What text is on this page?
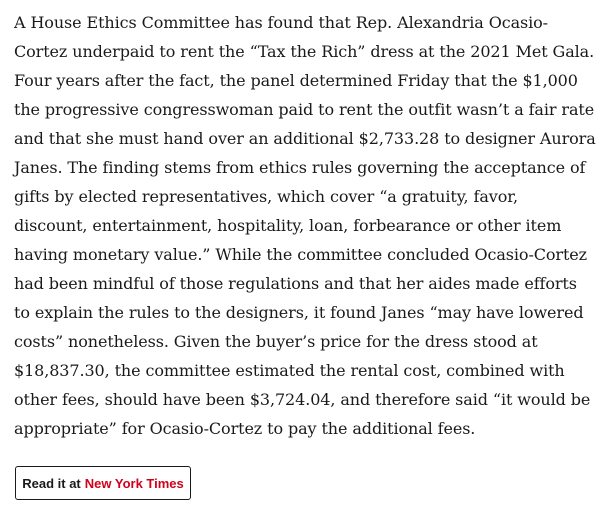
A House Ethics Committee has found that Rep. Alexandria Ocasio-Cortez underpaid to rent the “Tax the Rich” dress at the 2021 Met Gala. Four years after the fact, the panel determined Friday that the $1,000 the progressive congresswoman paid to rent the outfit wasn’t a fair rate and that she must hand over an additional $2,733.28 to designer Aurora Janes. The finding stems from ethics rules governing the acceptance of gifts by elected representatives, which cover “a gratuity, favor, discount, entertainment, hospitality, loan, forbearance or other item having monetary value.” While the committee concluded Ocasio-Cortez had been mindful of those regulations and that her aides made efforts to explain the rules to the designers, it found Janes “may have lowered costs” nonetheless. Given the buyer’s price for the dress stood at $18,837.30, the committee estimated the rental cost, combined with other fees, should have been $3,724.04, and therefore said “it would be appropriate” for Ocasio-Cortez to pay the additional fees.

Read it at New York Times
